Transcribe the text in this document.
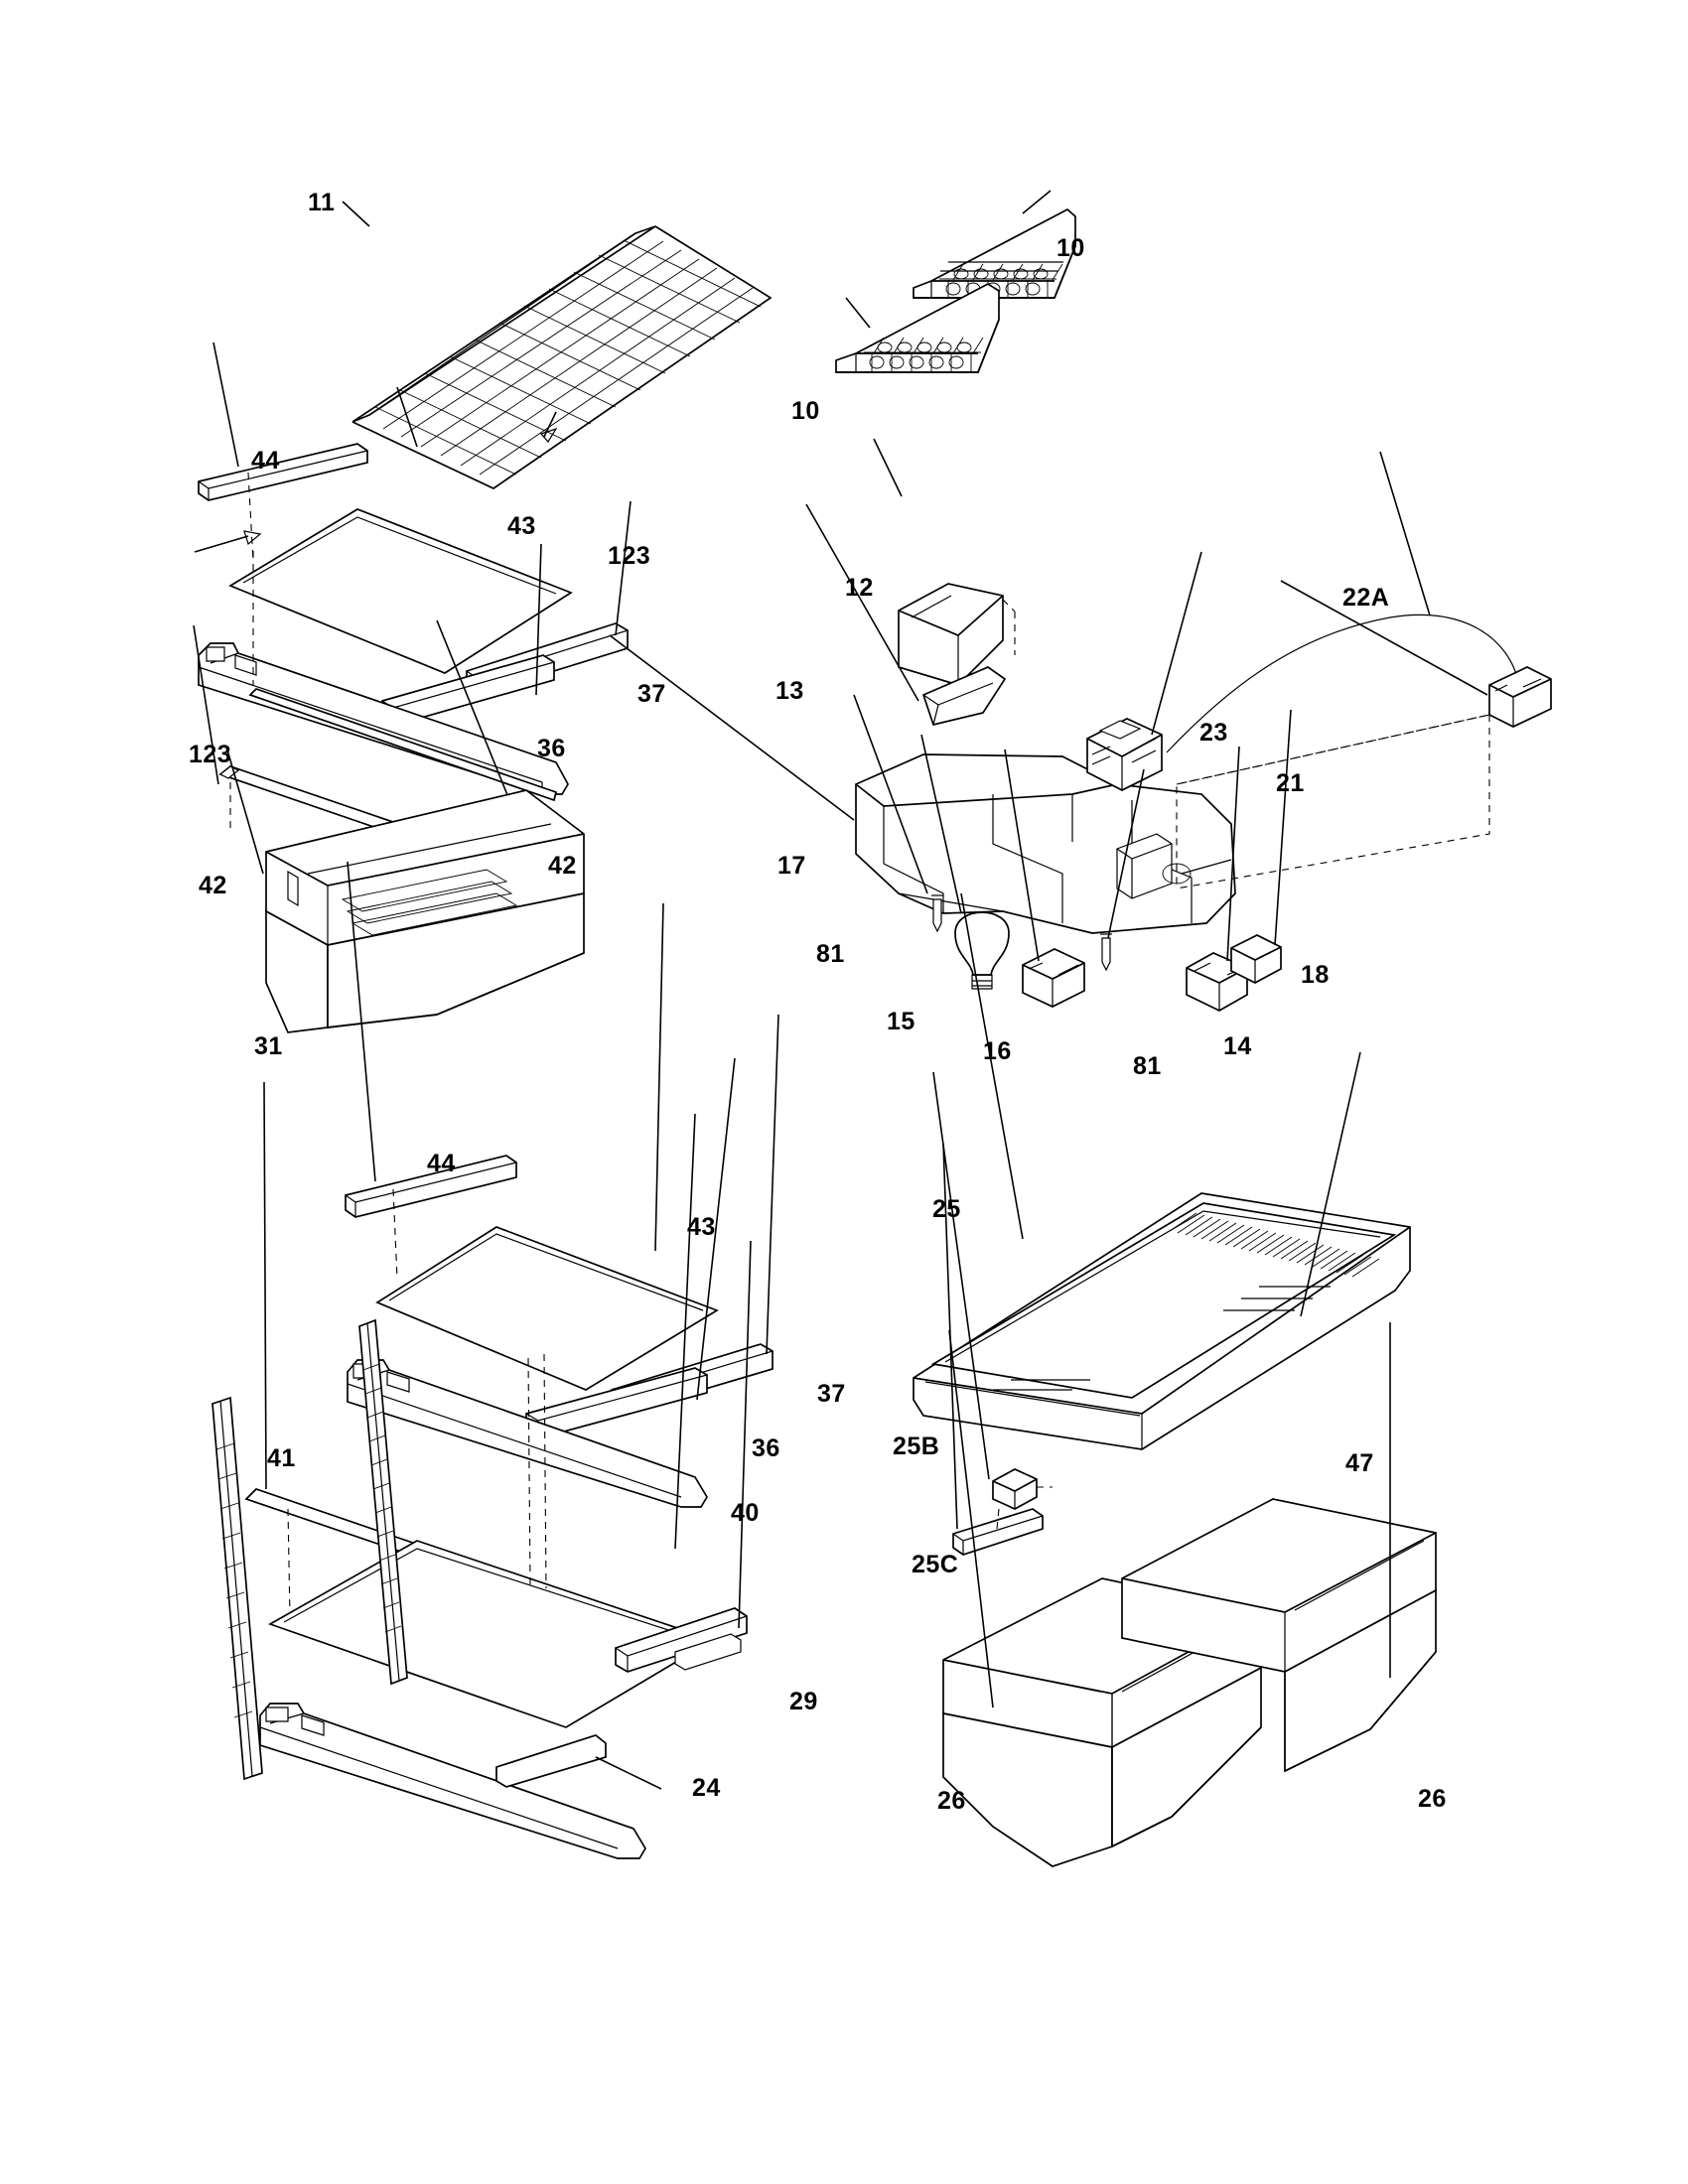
11
10
10
44
43
123
37
36
123
42
42
31
12	22A
13
23
21
17
81
18
15
16
81
14
44
43
37
36
41
40
29
24
25
47
25B
25C
26	26
